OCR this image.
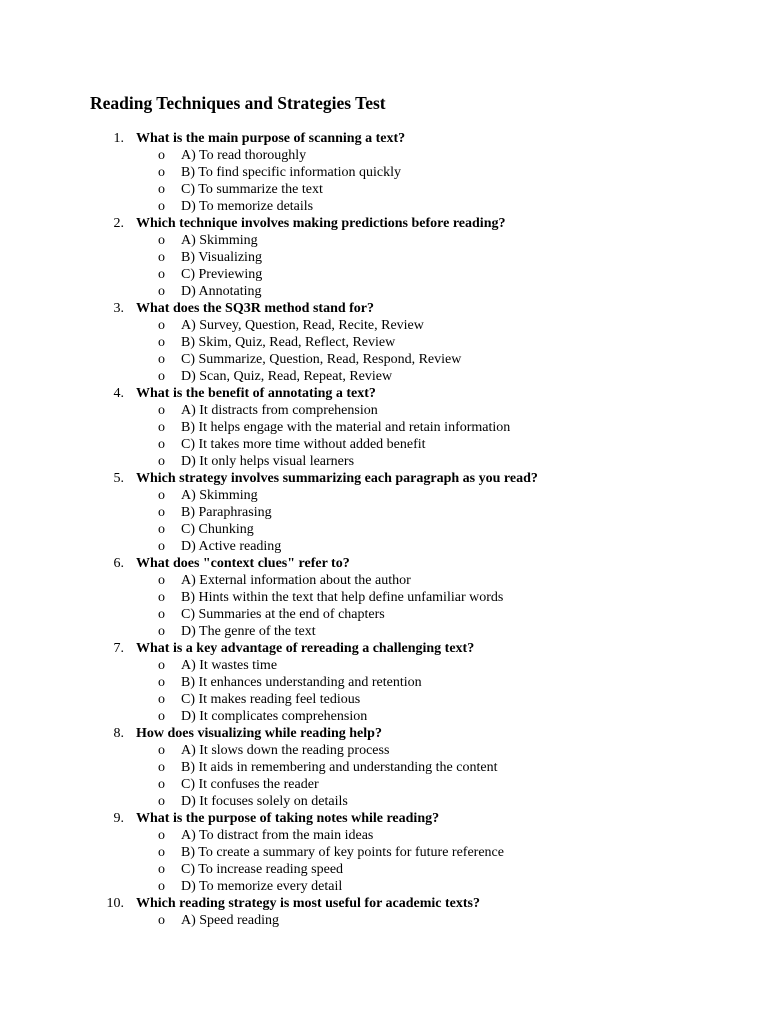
Reading Techniques and Strategies Test
1. What is the main purpose of scanning a text?
o A) To read thoroughly
o B) To find specific information quickly
o C) To summarize the text
o D) To memorize details
2. Which technique involves making predictions before reading?
o A) Skimming
o B) Visualizing
o C) Previewing
o D) Annotating
3. What does the SQ3R method stand for?
o A) Survey, Question, Read, Recite, Review
o B) Skim, Quiz, Read, Reflect, Review
o C) Summarize, Question, Read, Respond, Review
o D) Scan, Quiz, Read, Repeat, Review
4. What is the benefit of annotating a text?
o A) It distracts from comprehension
o B) It helps engage with the material and retain information
o C) It takes more time without added benefit
o D) It only helps visual learners
5. Which strategy involves summarizing each paragraph as you read?
o A) Skimming
o B) Paraphrasing
o C) Chunking
o D) Active reading
6. What does "context clues" refer to?
o A) External information about the author
o B) Hints within the text that help define unfamiliar words
o C) Summaries at the end of chapters
o D) The genre of the text
7. What is a key advantage of rereading a challenging text?
o A) It wastes time
o B) It enhances understanding and retention
o C) It makes reading feel tedious
o D) It complicates comprehension
8. How does visualizing while reading help?
o A) It slows down the reading process
o B) It aids in remembering and understanding the content
o C) It confuses the reader
o D) It focuses solely on details
9. What is the purpose of taking notes while reading?
o A) To distract from the main ideas
o B) To create a summary of key points for future reference
o C) To increase reading speed
o D) To memorize every detail
10. Which reading strategy is most useful for academic texts?
o A) Speed reading
